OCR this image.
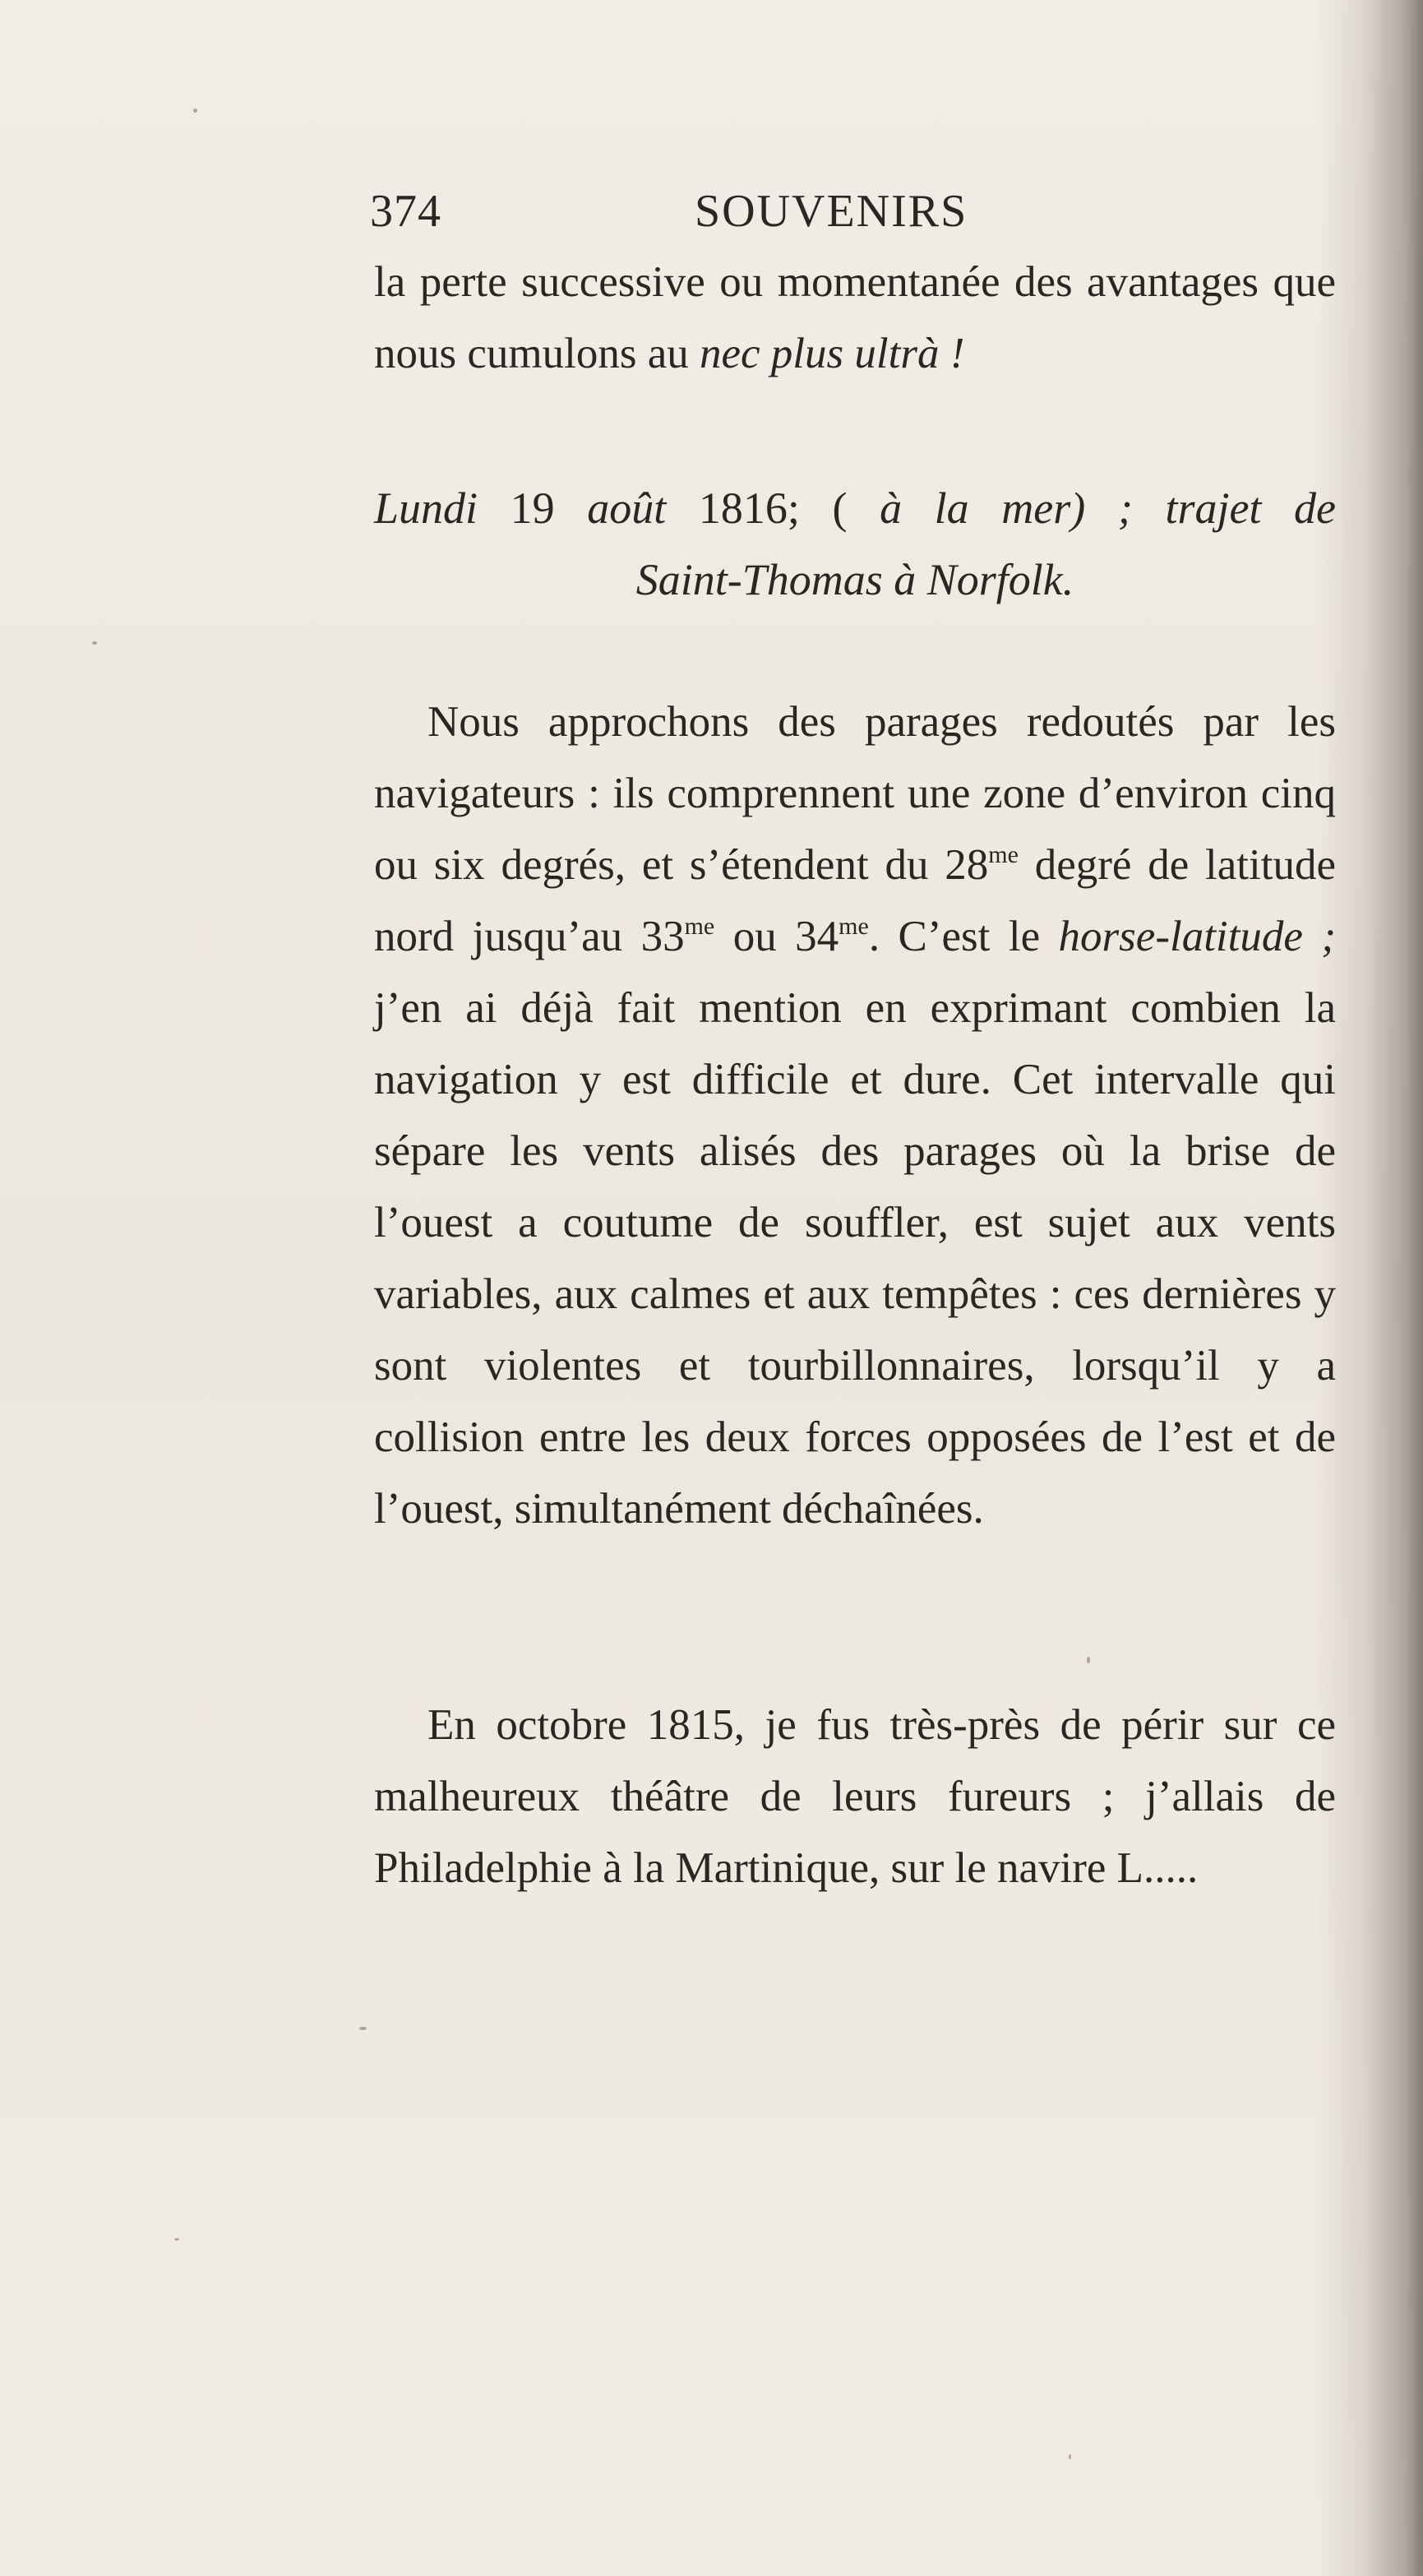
374	SOUVENIRS
la perte successive ou momentanée des avantages que nous cumulons au nec plus ultrà !
Lundi 19 août 1816; ( à la mer) ; trajet de
Saint-Thomas à Norfolk.
Nous approchons des parages redoutés par les navigateurs : ils comprennent une zone d’environ cinq ou six degrés, et s’étendent du $28^{me}$ degré de latitude nord jusqu’au $33^{me}$ ou $34^{me}$. C’est le horse-latitude ; j’en ai déjà fait mention en exprimant combien la navigation y est difficile et dure. Cet intervalle qui sépare les vents alisés des parages où la brise de l’ouest a coutume de souffler, est sujet aux vents variables, aux calmes et aux tempêtes : ces dernières y sont violentes et tourbillonnaires, lorsqu’il y a collision entre les deux forces opposées de l’est et de l’ouest, simultanément déchaînées.
En octobre 1815, je fus très-près de périr sur ce malheureux théâtre de leurs fureurs ; j’allais de Philadelphie à la Martinique, sur le navire L.....
